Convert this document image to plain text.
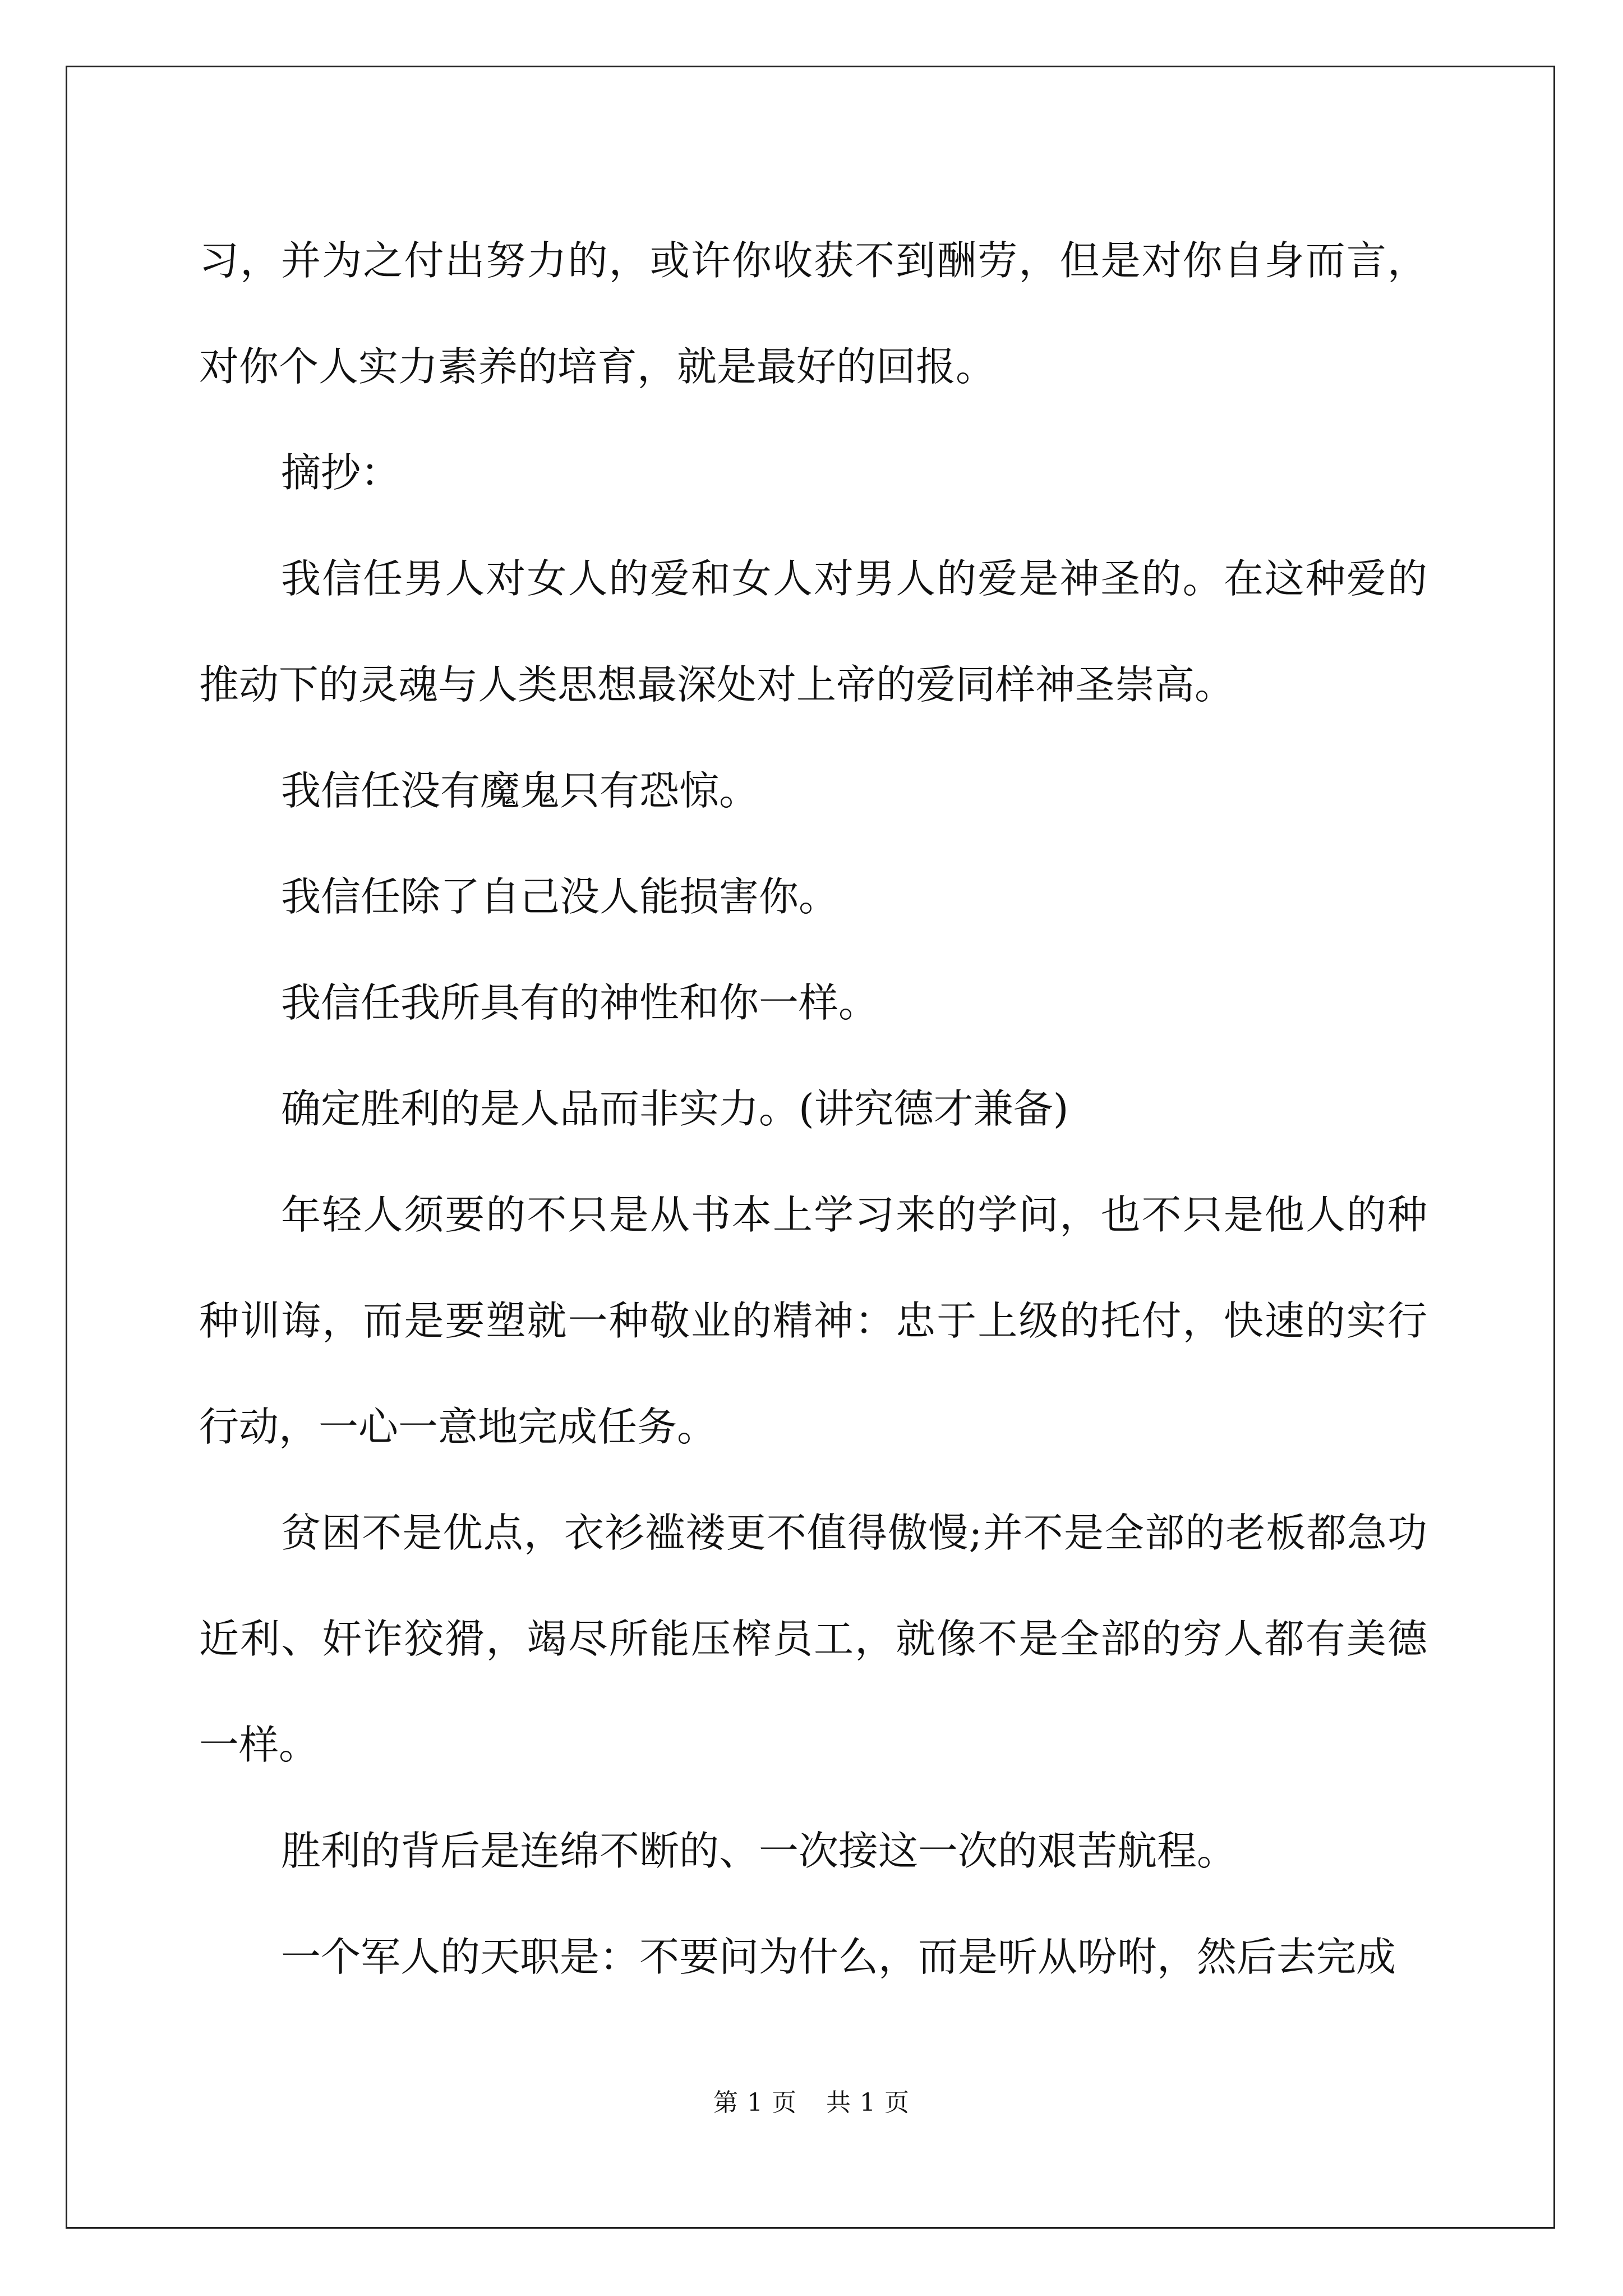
习，并为之付出努力的，或许你收获不到酬劳，但是对你自身而言，对你个人实力素养的培育，就是最好的回报。

摘抄：

我信任男人对女人的爱和女人对男人的爱是神圣的。在这种爱的推动下的灵魂与人类思想最深处对上帝的爱同样神圣崇高。

我信任没有魔鬼只有恐惊。

我信任除了自己没人能损害你。

我信任我所具有的神性和你一样。

确定胜利的是人品而非实力。(讲究德才兼备)

年轻人须要的不只是从书本上学习来的学问，也不只是他人的种种训诲，而是要塑就一种敬业的精神：忠于上级的托付，快速的实行行动，一心一意地完成任务。

贫困不是优点，衣衫褴褛更不值得傲慢;并不是全部的老板都急功近利、奸诈狡猾，竭尽所能压榨员工，就像不是全部的穷人都有美德一样。

胜利的背后是连绵不断的、一次接这一次的艰苦航程。

一个军人的天职是：不要问为什么，而是听从吩咐，然后去完成

第 1 页 共 1 页
